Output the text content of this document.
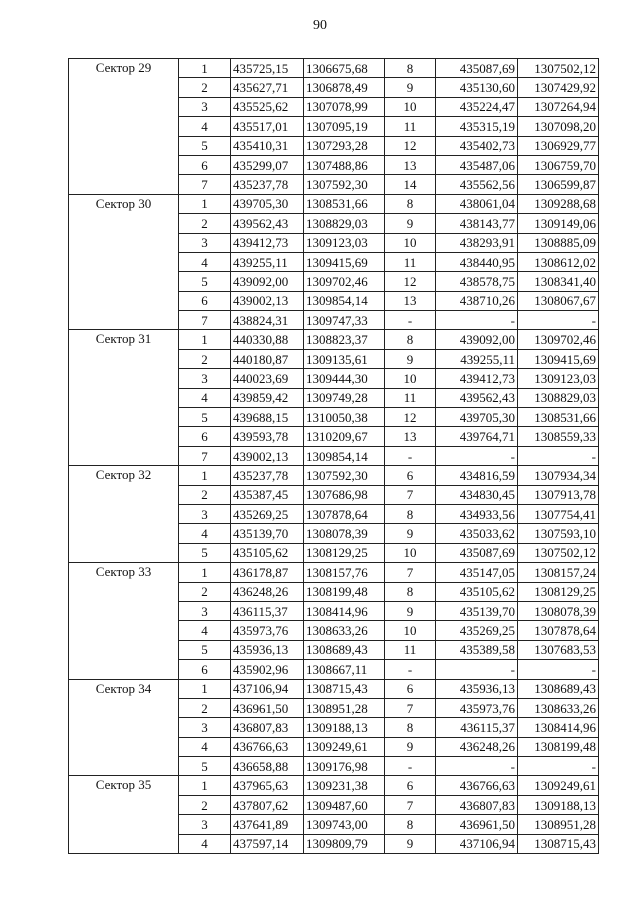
90
Сектор 29	1	435725,15	1306675,68	8	435087,69	1307502,12
	2	435627,71	1306878,49	9	435130,60	1307429,92
	3	435525,62	1307078,99	10	435224,47	1307264,94
	4	435517,01	1307095,19	11	435315,19	1307098,20
	5	435410,31	1307293,28	12	435402,73	1306929,77
	6	435299,07	1307488,86	13	435487,06	1306759,70
	7	435237,78	1307592,30	14	435562,56	1306599,87
Сектор 30	1	439705,30	1308531,66	8	438061,04	1309288,68
	2	439562,43	1308829,03	9	438143,77	1309149,06
	3	439412,73	1309123,03	10	438293,91	1308885,09
	4	439255,11	1309415,69	11	438440,95	1308612,02
	5	439092,00	1309702,46	12	438578,75	1308341,40
	6	439002,13	1309854,14	13	438710,26	1308067,67
	7	438824,31	1309747,33	-	-	-
Сектор 31	1	440330,88	1308823,37	8	439092,00	1309702,46
	2	440180,87	1309135,61	9	439255,11	1309415,69
	3	440023,69	1309444,30	10	439412,73	1309123,03
	4	439859,42	1309749,28	11	439562,43	1308829,03
	5	439688,15	1310050,38	12	439705,30	1308531,66
	6	439593,78	1310209,67	13	439764,71	1308559,33
	7	439002,13	1309854,14	-	-	-
Сектор 32	1	435237,78	1307592,30	6	434816,59	1307934,34
	2	435387,45	1307686,98	7	434830,45	1307913,78
	3	435269,25	1307878,64	8	434933,56	1307754,41
	4	435139,70	1308078,39	9	435033,62	1307593,10
	5	435105,62	1308129,25	10	435087,69	1307502,12
Сектор 33	1	436178,87	1308157,76	7	435147,05	1308157,24
	2	436248,26	1308199,48	8	435105,62	1308129,25
	3	436115,37	1308414,96	9	435139,70	1308078,39
	4	435973,76	1308633,26	10	435269,25	1307878,64
	5	435936,13	1308689,43	11	435389,58	1307683,53
	6	435902,96	1308667,11	-	-	-
Сектор 34	1	437106,94	1308715,43	6	435936,13	1308689,43
	2	436961,50	1308951,28	7	435973,76	1308633,26
	3	436807,83	1309188,13	8	436115,37	1308414,96
	4	436766,63	1309249,61	9	436248,26	1308199,48
	5	436658,88	1309176,98	-	-	-
Сектор 35	1	437965,63	1309231,38	6	436766,63	1309249,61
	2	437807,62	1309487,60	7	436807,83	1309188,13
	3	437641,89	1309743,00	8	436961,50	1308951,28
	4	437597,14	1309809,79	9	437106,94	1308715,43
